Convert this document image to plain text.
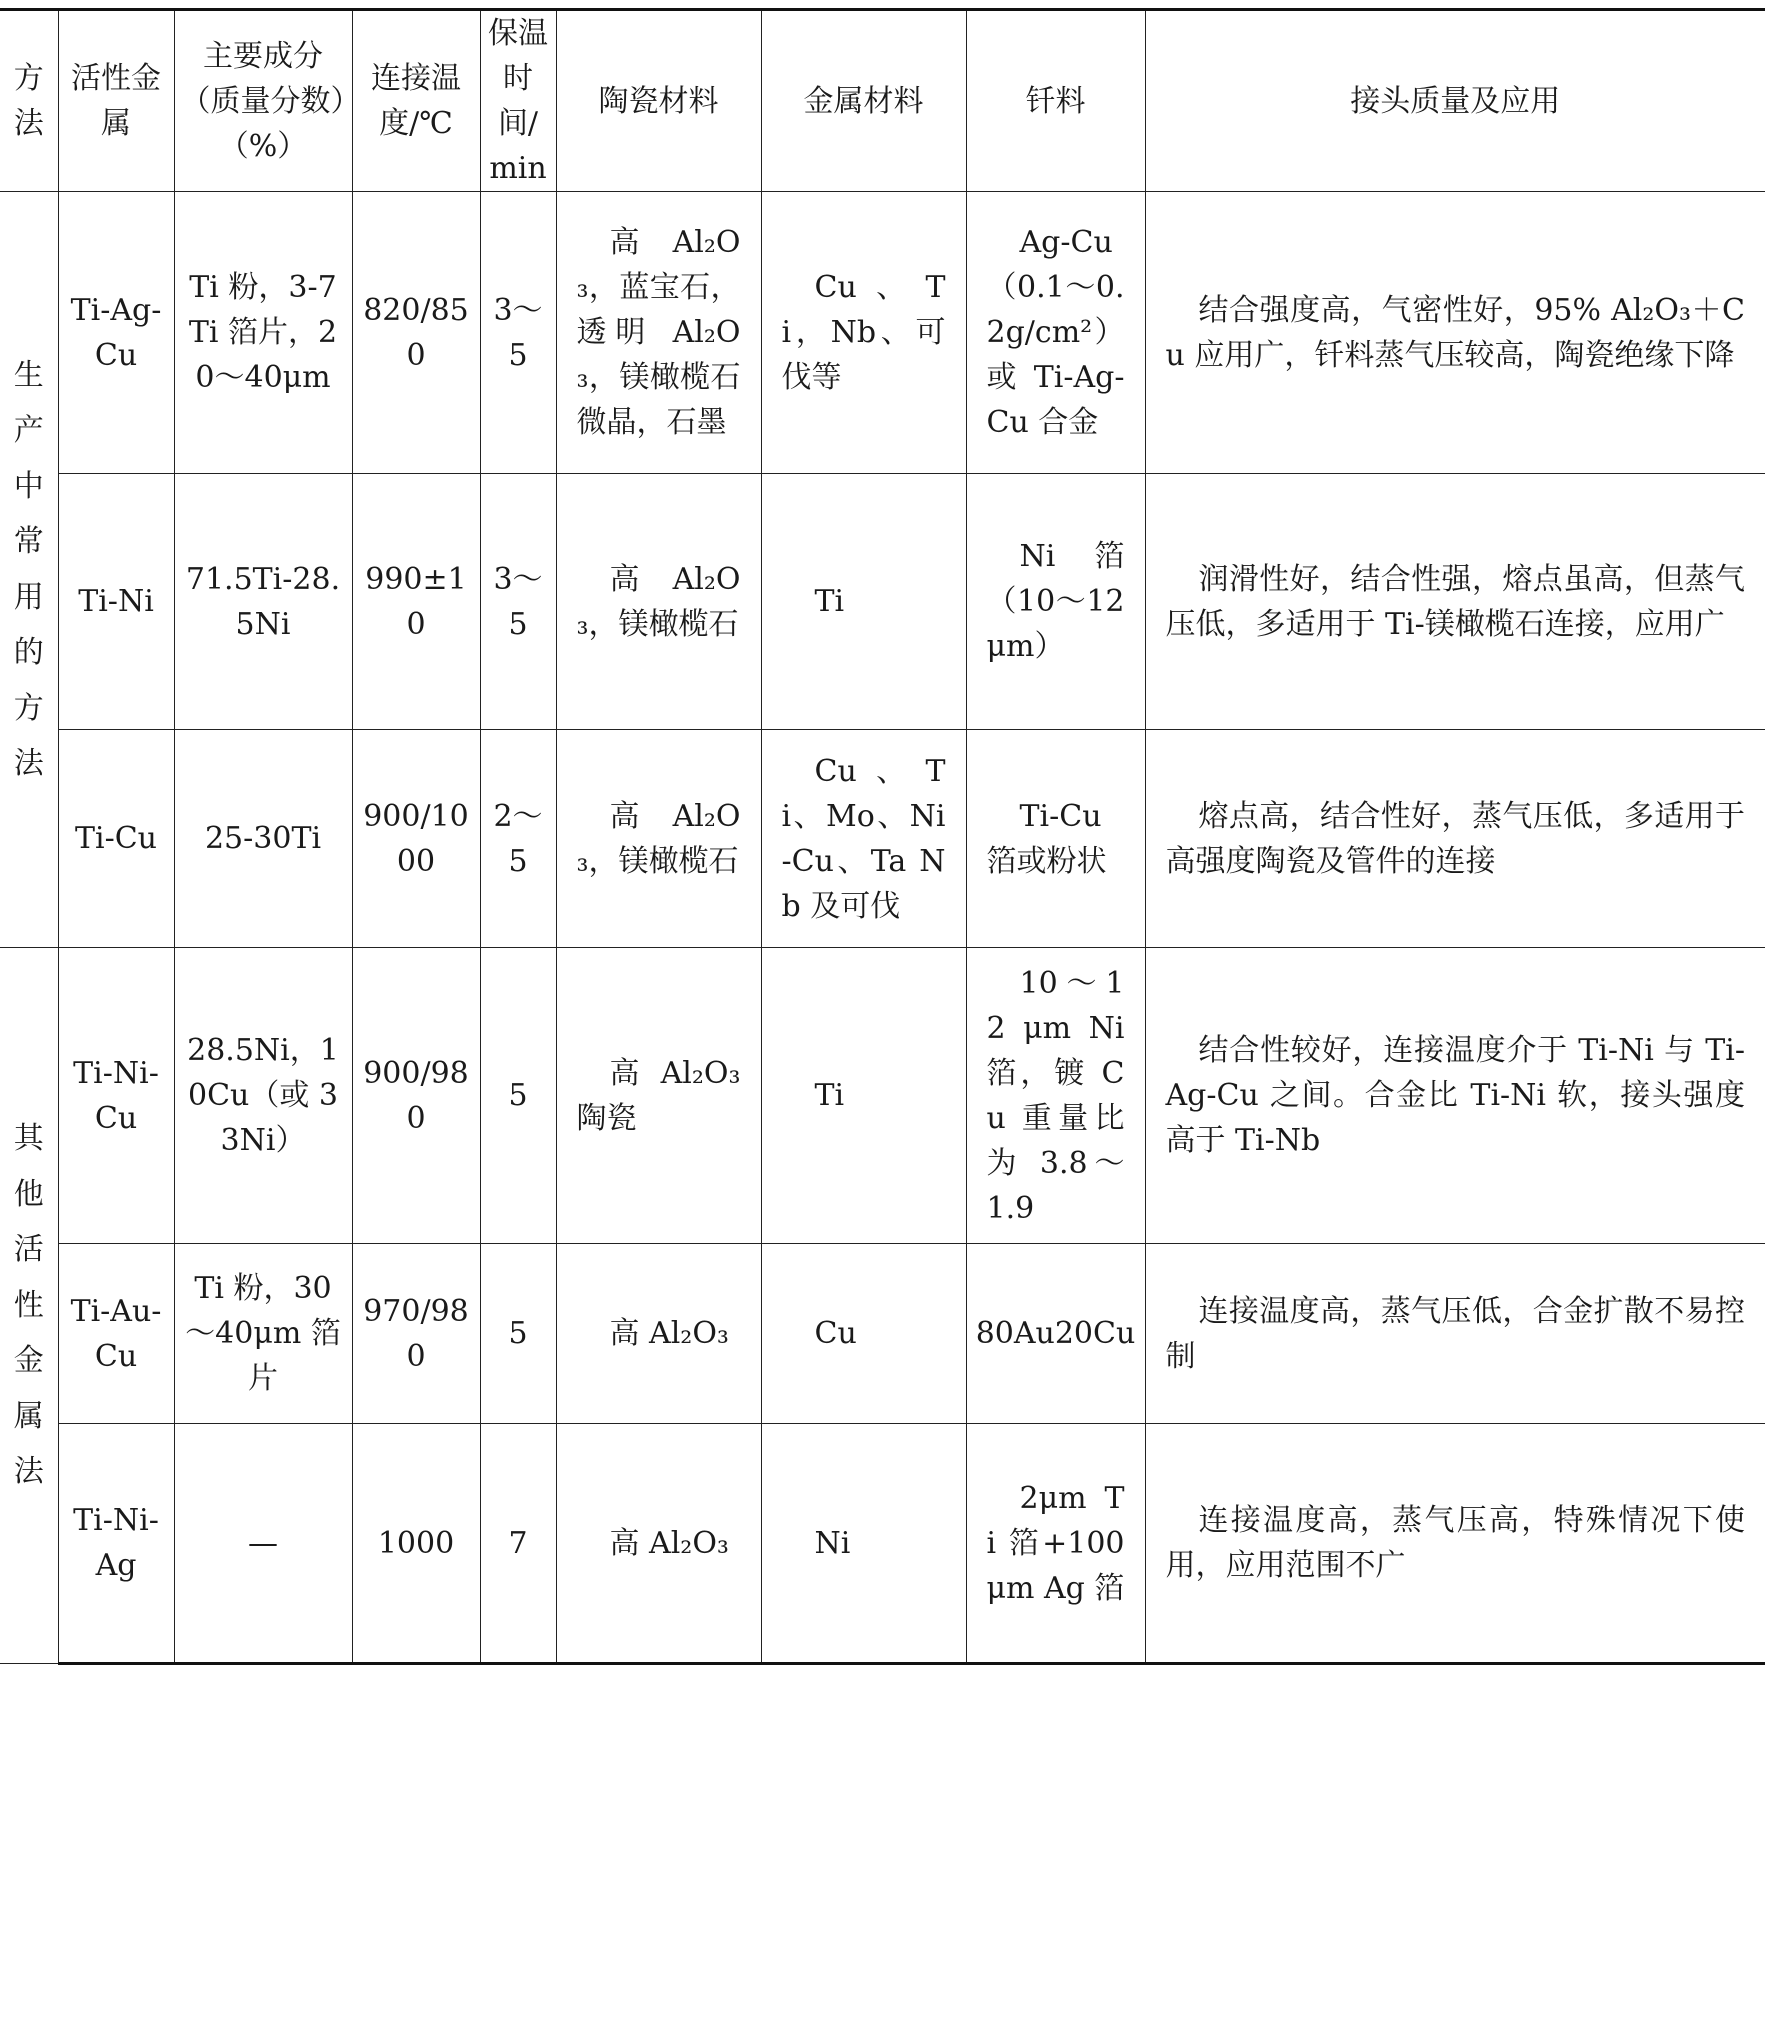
方法	活性金属	主要成分（质量分数）（%）	连接温度/℃	保温时间/min	陶瓷材料	金属材料	钎料	接头质量及应用

生产中常用的方法	Ti-Ag-Cu	Ti 粉，3-7Ti 箔片，20～40μm	820/850	3～5	高 Al₂O₃，蓝宝石，透明 Al₂O₃，镁橄榄石微晶，石墨	Cu、Ti，Nb、可伐等	Ag-Cu（0.1～0.2g/cm²）或 Ti-Ag-Cu 合金	结合强度高，气密性好，95% Al₂O₃＋Cu 应用广，钎料蒸气压较高，陶瓷绝缘下降
	Ti-Ni	71.5Ti-28.5Ni	990±10	3～5	高 Al₂O₃，镁橄榄石	Ti	Ni 箔（10～12μm）	润滑性好，结合性强，熔点虽高，但蒸气压低，多适用于 Ti-镁橄榄石连接，应用广
	Ti-Cu	25-30Ti	900/1000	2～5	高 Al₂O₃，镁橄榄石	Cu、Ti、Mo、Ni-Cu、Ta Nb 及可伐	Ti-Cu 箔或粉状	熔点高，结合性好，蒸气压低，多适用于高强度陶瓷及管件的连接

其他活性金属法	Ti-Ni-Cu	28.5Ni，10Cu（或 33Ni）	900/980	5	高 Al₂O₃ 陶瓷	Ti	10～12 μm Ni 箔，镀 Cu 重量比为 3.8～1.9	结合性较好，连接温度介于 Ti-Ni 与 Ti-Ag-Cu 之间。合金比 Ti-Ni 软，接头强度高于 Ti-Nb
	Ti-Au-Cu	Ti 粉，30～40μm 箔片	970/980	5	高 Al₂O₃	Cu	80Au20Cu	连接温度高，蒸气压低，合金扩散不易控制
	Ti-Ni-Ag	—	1000	7	高 Al₂O₃	Ni	2μm Ti 箔+100μm Ag 箔	连接温度高，蒸气压高，特殊情况下使用，应用范围不广
